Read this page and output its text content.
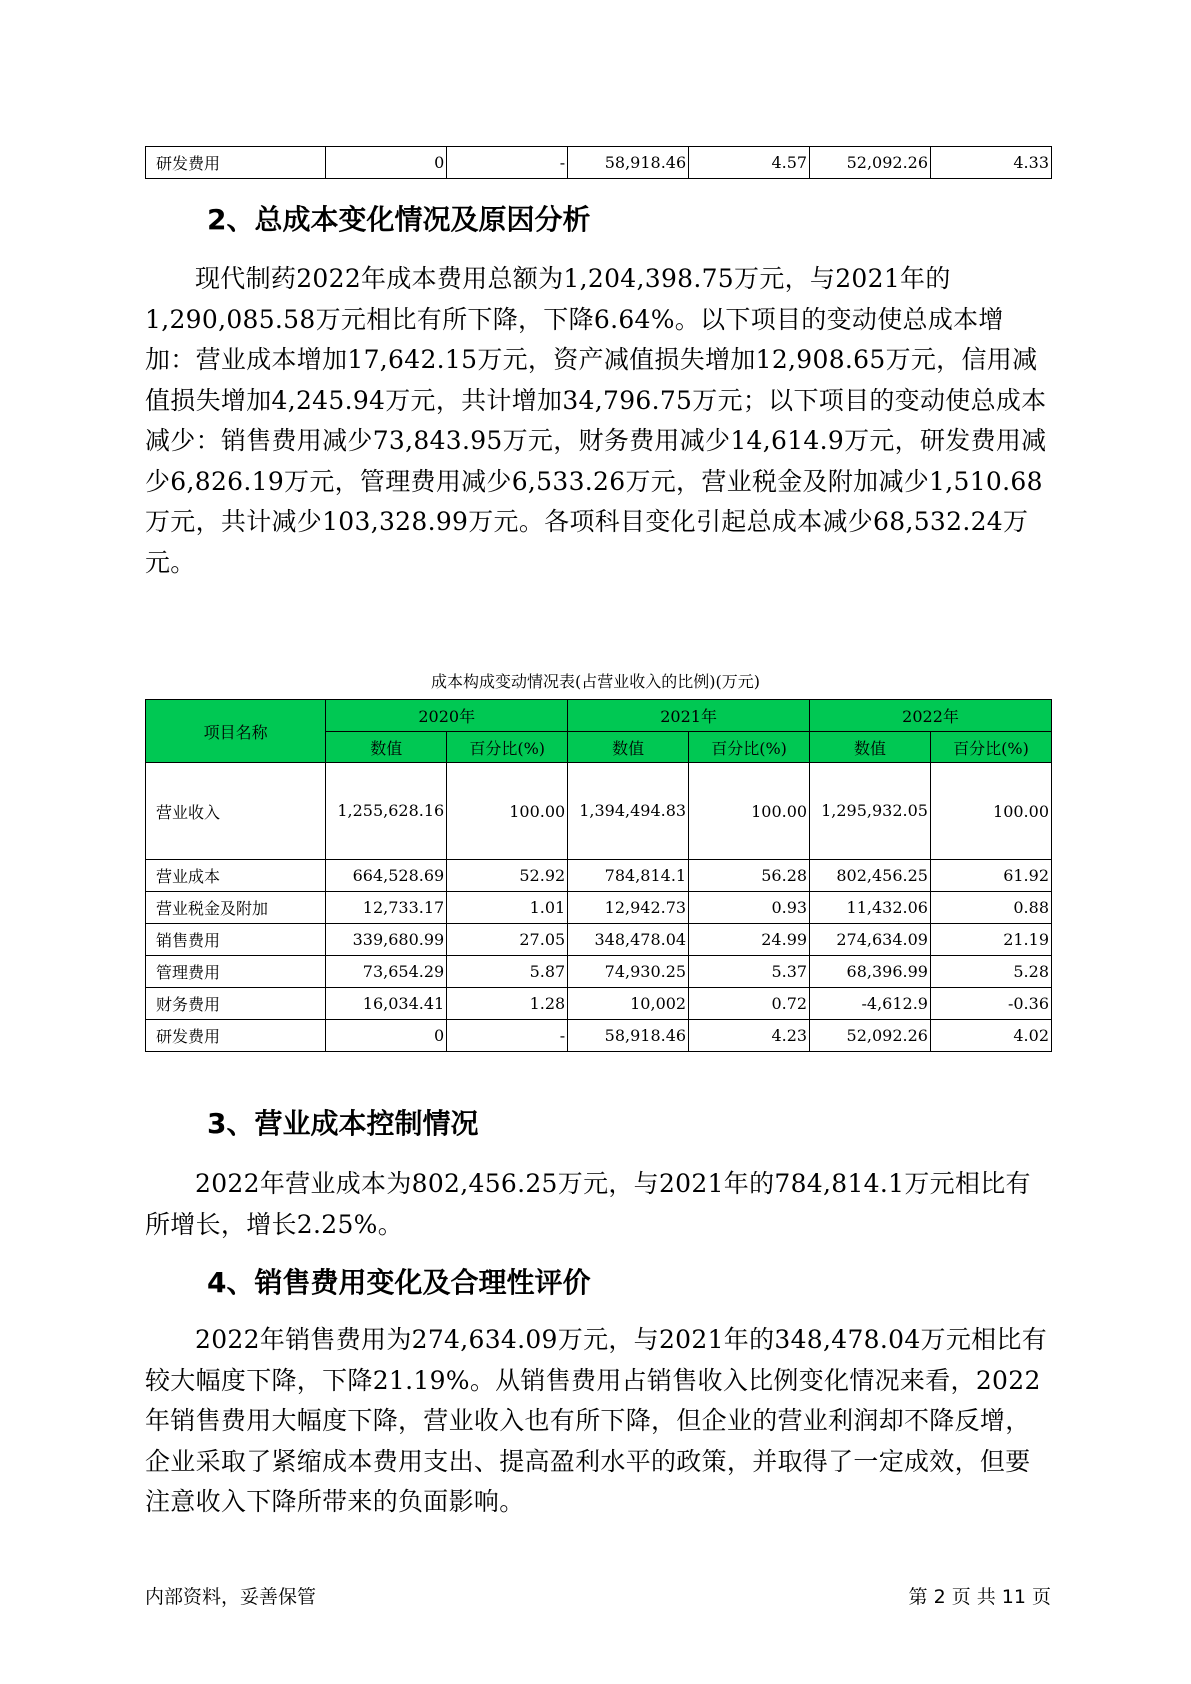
研发费用	0	-	58,918.46	4.57	52,092.26	4.33
2、总成本变化情况及原因分析

现代制药2022年成本费用总额为1,204,398.75万元，与2021年的1,290,085.58万元相比有所下降，下降6.64%。以下项目的变动使总成本增加：营业成本增加17,642.15万元，资产减值损失增加12,908.65万元，信用减值损失增加4,245.94万元，共计增加34,796.75万元；以下项目的变动使总成本减少：销售费用减少73,843.95万元，财务费用减少14,614.9万元，研发费用减少6,826.19万元，管理费用减少6,533.26万元，营业税金及附加减少1,510.68万元，共计减少103,328.99万元。各项科目变化引起总成本减少68,532.24万元。

成本构成变动情况表(占营业收入的比例)(万元)
项目名称	2020年		2021年		2022年	
	数值	百分比(%)	数值	百分比(%)	数值	百分比(%)
营业收入	1,255,628.16	100.00	1,394,494.83	100.00	1,295,932.05	100.00
营业成本	664,528.69	52.92	784,814.1	56.28	802,456.25	61.92
营业税金及附加	12,733.17	1.01	12,942.73	0.93	11,432.06	0.88
销售费用	339,680.99	27.05	348,478.04	24.99	274,634.09	21.19
管理费用	73,654.29	5.87	74,930.25	5.37	68,396.99	5.28
财务费用	16,034.41	1.28	10,002	0.72	-4,612.9	-0.36
研发费用	0	-	58,918.46	4.23	52,092.26	4.02
3、营业成本控制情况

2022年营业成本为802,456.25万元，与2021年的784,814.1万元相比有所增长，增长2.25%。

4、销售费用变化及合理性评价

2022年销售费用为274,634.09万元，与2021年的348,478.04万元相比有较大幅度下降，下降21.19%。从销售费用占销售收入比例变化情况来看，2022年销售费用大幅度下降，营业收入也有所下降，但企业的营业利润却不降反增，企业采取了紧缩成本费用支出、提高盈利水平的政策，并取得了一定成效，但要注意收入下降所带来的负面影响。

内部资料，妥善保管	第 2 页 共 11 页
